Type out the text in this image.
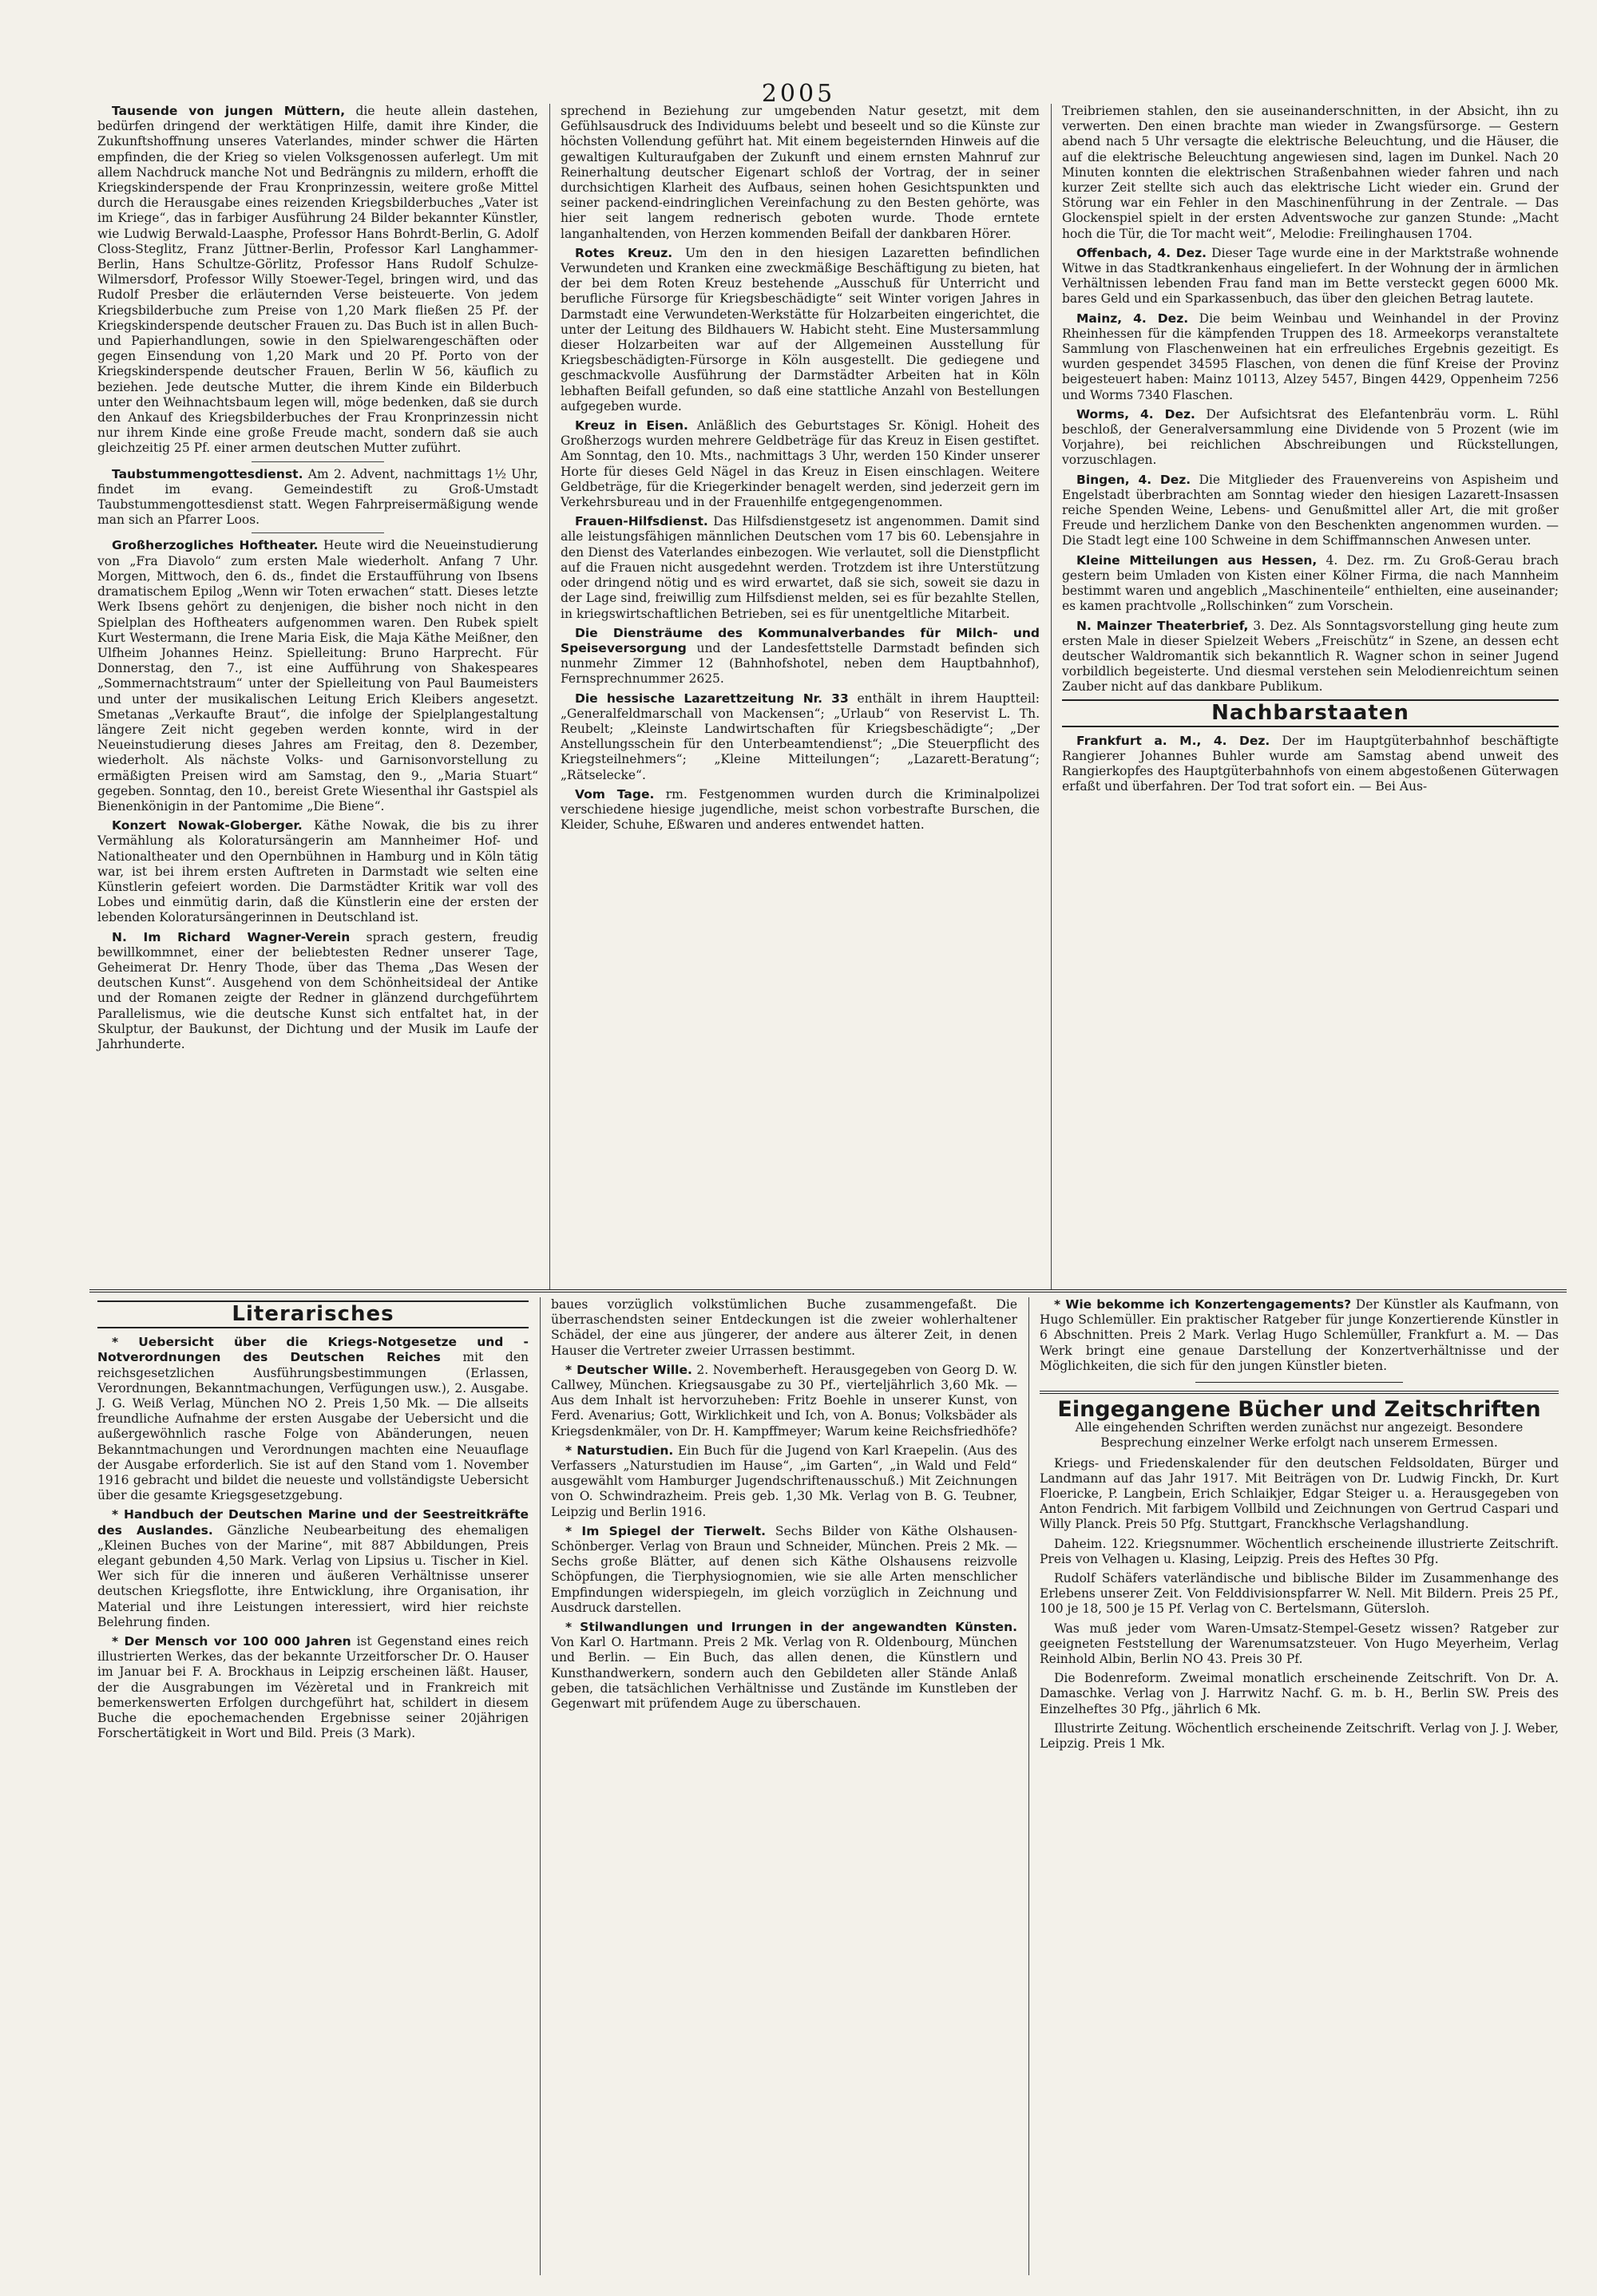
2005

Tausende von jungen Müttern, die heute allein dastehen, bedürfen dringend der werktätigen Hilfe, damit ihre Kinder, die Zukunftshoffnung unseres Vaterlandes, minder schwer die Härten empfinden, die der Krieg so vielen Volksgenossen auferlegt. Um mit allem Nachdruck manche Not und Bedrängnis zu mildern, erhofft die Kriegskinderspende der Frau Kronprinzessin, weitere große Mittel durch die Herausgabe eines reizenden Kriegsbilderbuches „Vater ist im Kriege“, das in farbiger Ausführung 24 Bilder bekannter Künstler, wie Ludwig Berwald-Laasphe, Professor Hans Bohrdt-Berlin, G. Adolf Closs-Steglitz, Franz Jüttner-Berlin, Professor Karl Langhammer-Berlin, Hans Schultze-Görlitz, Professor Hans Rudolf Schulze-Wilmersdorf, Professor Willy Stoewer-Tegel, bringen wird, und das Rudolf Presber die erläuternden Verse beisteuerte. Von jedem Kriegsbilderbuche zum Preise von 1,20 Mark fließen 25 Pf. der Kriegskinderspende deutscher Frauen zu. Das Buch ist in allen Buch- und Papierhandlungen, sowie in den Spielwarengeschäften oder gegen Einsendung von 1,20 Mark und 20 Pf. Porto von der Kriegskinderspende deutscher Frauen, Berlin W 56, käuflich zu beziehen. Jede deutsche Mutter, die ihrem Kinde ein Bilderbuch unter den Weihnachtsbaum legen will, möge bedenken, daß sie durch den Ankauf des Kriegsbilderbuches der Frau Kronprinzessin nicht nur ihrem Kinde eine große Freude macht, sondern daß sie auch gleichzeitig 25 Pf. einer armen deutschen Mutter zuführt.

Taubstummengottesdienst. Am 2. Advent, nachmittags 1½ Uhr, findet im evang. Gemeindestift zu Groß-Umstadt Taubstummengottesdienst statt. Wegen Fahrpreisermäßigung wende man sich an Pfarrer Loos.

Großherzogliches Hoftheater. Heute wird die Neueinstudierung von „Fra Diavolo“ zum ersten Male wiederholt. Anfang 7 Uhr. Morgen, Mittwoch, den 6. ds., findet die Erstaufführung von Ibsens dramatischem Epilog „Wenn wir Toten erwachen“ statt. Dieses letzte Werk Ibsens gehört zu denjenigen, die bisher noch nicht in den Spielplan des Hoftheaters aufgenommen waren. Den Rubek spielt Kurt Westermann, die Irene Maria Eisk, die Maja Käthe Meißner, den Ulfheim Johannes Heinz. Spielleitung: Bruno Harprecht. Für Donnerstag, den 7., ist eine Aufführung von Shakespeares „Sommernachtstraum“ unter der Spielleitung von Paul Baumeisters und unter der musikalischen Leitung Erich Kleibers angesetzt. Smetanas „Verkaufte Braut“, die infolge der Spielplangestaltung längere Zeit nicht gegeben werden konnte, wird in der Neueinstudierung dieses Jahres am Freitag, den 8. Dezember, wiederholt. Als nächste Volks- und Garnisonvorstellung zu ermäßigten Preisen wird am Samstag, den 9., „Maria Stuart“ gegeben. Sonntag, den 10., bereist Grete Wiesenthal ihr Gastspiel als Bienenkönigin in der Pantomime „Die Biene“.

Konzert Nowak-Globerger. Käthe Nowak, die bis zu ihrer Vermählung als Koloratursängerin am Mannheimer Hof- und Nationaltheater und den Opernbühnen in Hamburg und in Köln tätig war, ist bei ihrem ersten Auftreten in Darmstadt wie selten eine Künstlerin gefeiert worden. Die Darmstädter Kritik war voll des Lobes und einmütig darin, daß die Künstlerin eine der ersten der lebenden Koloratursängerinnen in Deutschland ist.

N. Im Richard Wagner-Verein sprach gestern, freudig bewillkommnet, einer der beliebtesten Redner unserer Tage, Geheimerat Dr. Henry Thode, über das Thema „Das Wesen der deutschen Kunst“. Ausgehend von dem Schönheitsideal der Antike und der Romanen zeigte der Redner in glänzend durchgeführtem Parallelismus, wie die deutsche Kunst sich entfaltet hat, in der Skulptur, der Baukunst, der Dichtung und der Musik im Laufe der Jahrhunderte.

sprechend in Beziehung zur umgebenden Natur gesetzt, mit dem Gefühlsausdruck des Individuums belebt und beseelt und so die Künste zur höchsten Vollendung geführt hat. Mit einem begeisternden Hinweis auf die gewaltigen Kulturaufgaben der Zukunft und einem ernsten Mahnruf zur Reinerhaltung deutscher Eigenart schloß der Vortrag, der in seiner durchsichtigen Klarheit des Aufbaus, seinen hohen Gesichtspunkten und seiner packend-eindringlichen Vereinfachung zu den Besten gehörte, was hier seit langem rednerisch geboten wurde. Thode erntete langanhaltenden, von Herzen kommenden Beifall der dankbaren Hörer.

Rotes Kreuz. Um den in den hiesigen Lazaretten befindlichen Verwundeten und Kranken eine zweckmäßige Beschäftigung zu bieten, hat der bei dem Roten Kreuz bestehende „Ausschuß für Unterricht und berufliche Fürsorge für Kriegsbeschädigte“ seit Winter vorigen Jahres in Darmstadt eine Verwundeten-Werkstätte für Holzarbeiten eingerichtet, die unter der Leitung des Bildhauers W. Habicht steht. Eine Mustersammlung dieser Holzarbeiten war auf der Allgemeinen Ausstellung für Kriegsbeschädigten-Fürsorge in Köln ausgestellt. Die gediegene und geschmackvolle Ausführung der Darmstädter Arbeiten hat in Köln lebhaften Beifall gefunden, so daß eine stattliche Anzahl von Bestellungen aufgegeben wurde.

Kreuz in Eisen. Anläßlich des Geburtstages Sr. Königl. Hoheit des Großherzogs wurden mehrere Geldbeträge für das Kreuz in Eisen gestiftet. Am Sonntag, den 10. Mts., nachmittags 3 Uhr, werden 150 Kinder unserer Horte für dieses Geld Nägel in das Kreuz in Eisen einschlagen. Weitere Geldbeträge, für die Kriegerkinder benagelt werden, sind jederzeit gern im Verkehrsbureau und in der Frauenhilfe entgegengenommen.

Frauen-Hilfsdienst. Das Hilfsdienstgesetz ist angenommen. Damit sind alle leistungsfähigen männlichen Deutschen vom 17 bis 60. Lebensjahre in den Dienst des Vaterlandes einbezogen. Wie verlautet, soll die Dienstpflicht auf die Frauen nicht ausgedehnt werden. Trotzdem ist ihre Unterstützung oder dringend nötig und es wird erwartet, daß sie sich, soweit sie dazu in der Lage sind, freiwillig zum Hilfsdienst melden, sei es für bezahlte Stellen, in kriegswirtschaftlichen Betrieben, sei es für unentgeltliche Mitarbeit.

Die Diensträume des Kommunalverbandes für Milch- und Speiseversorgung und der Landesfettstelle Darmstadt befinden sich nunmehr Zimmer 12 (Bahnhofshotel, neben dem Hauptbahnhof), Fernsprechnummer 2625.

Die hessische Lazarettzeitung Nr. 33 enthält in ihrem Hauptteil: „Generalfeldmarschall von Mackensen“; „Urlaub“ von Reservist L. Th. Reubelt; „Kleinste Landwirtschaften für Kriegsbeschädigte“; „Der Anstellungsschein für den Unterbeamtendienst“; „Die Steuerpflicht des Kriegsteilnehmers“; „Kleine Mitteilungen“; „Lazarett-Beratung“; „Rätselecke“.

Vom Tage. rm. Festgenommen wurden durch die Kriminalpolizei verschiedene hiesige jugendliche, meist schon vorbestrafte Burschen, die Kleider, Schuhe, Eßwaren und anderes entwendet hatten.

Treibriemen stahlen, den sie auseinanderschnitten, in der Absicht, ihn zu verwerten. Den einen brachte man wieder in Zwangsfürsorge. — Gestern abend nach 5 Uhr versagte die elektrische Beleuchtung, und die Häuser, die auf die elektrische Beleuchtung angewiesen sind, lagen im Dunkel. Nach 20 Minuten konnten die elektrischen Straßenbahnen wieder fahren und nach kurzer Zeit stellte sich auch das elektrische Licht wieder ein. Grund der Störung war ein Fehler in den Maschinenführung in der Zentrale. — Das Glockenspiel spielt in der ersten Adventswoche zur ganzen Stunde: „Macht hoch die Tür, die Tor macht weit“, Melodie: Freilinghausen 1704.

Offenbach, 4. Dez. Dieser Tage wurde eine in der Marktstraße wohnende Witwe in das Stadtkrankenhaus eingeliefert. In der Wohnung der in ärmlichen Verhältnissen lebenden Frau fand man im Bette versteckt gegen 6000 Mk. bares Geld und ein Sparkassenbuch, das über den gleichen Betrag lautete.

Mainz, 4. Dez. Die beim Weinbau und Weinhandel in der Provinz Rheinhessen für die kämpfenden Truppen des 18. Armeekorps veranstaltete Sammlung von Flaschenweinen hat ein erfreuliches Ergebnis gezeitigt. Es wurden gespendet 34595 Flaschen, von denen die fünf Kreise der Provinz beigesteuert haben: Mainz 10113, Alzey 5457, Bingen 4429, Oppenheim 7256 und Worms 7340 Flaschen.

Worms, 4. Dez. Der Aufsichtsrat des Elefantenbräu vorm. L. Rühl beschloß, der Generalversammlung eine Dividende von 5 Prozent (wie im Vorjahre), bei reichlichen Abschreibungen und Rückstellungen, vorzuschlagen.

Bingen, 4. Dez. Die Mitglieder des Frauenvereins von Aspisheim und Engelstadt überbrachten am Sonntag wieder den hiesigen Lazarett-Insassen reiche Spenden Weine, Lebens- und Genußmittel aller Art, die mit großer Freude und herzlichem Danke von den Beschenkten angenommen wurden. — Die Stadt legt eine 100 Schweine in dem Schiffmannschen Anwesen unter.

Kleine Mitteilungen aus Hessen, 4. Dez. rm. Zu Groß-Gerau brach gestern beim Umladen von Kisten einer Kölner Firma, die nach Mannheim bestimmt waren und angeblich „Maschinenteile“ enthielten, eine auseinander; es kamen prachtvolle „Rollschinken“ zum Vorschein.

N. Mainzer Theaterbrief, 3. Dez. Als Sonntagsvorstellung ging heute zum ersten Male in dieser Spielzeit Webers „Freischütz“ in Szene, an dessen echt deutscher Waldromantik sich bekanntlich R. Wagner schon in seiner Jugend vorbildlich begeisterte. Und diesmal verstehen sein Melodienreichtum seinen Zauber nicht auf das dankbare Publikum.

Nachbarstaaten

Frankfurt a. M., 4. Dez. Der im Hauptgüterbahnhof beschäftigte Rangierer Johannes Buhler wurde am Samstag abend unweit des Rangierkopfes des Hauptgüterbahnhofs von einem abgestoßenen Güterwagen erfaßt und überfahren. Der Tod trat sofort ein. — Bei Aus-

Literarisches

* Uebersicht über die Kriegs-Notgesetze und -Notverordnungen des Deutschen Reiches mit den reichsgesetzlichen Ausführungsbestimmungen (Erlassen, Verordnungen, Bekanntmachungen, Verfügungen usw.), 2. Ausgabe. J. G. Weiß Verlag, München NO 2. Preis 1,50 Mk. — Die allseits freundliche Aufnahme der ersten Ausgabe der Uebersicht und die außergewöhnlich rasche Folge von Abänderungen, neuen Bekanntmachungen und Verordnungen machten eine Neuauflage der Ausgabe erforderlich. Sie ist auf den Stand vom 1. November 1916 gebracht und bildet die neueste und vollständigste Uebersicht über die gesamte Kriegsgesetzgebung.

* Handbuch der Deutschen Marine und der Seestreitkräfte des Auslandes. Gänzliche Neubearbeitung des ehemaligen „Kleinen Buches von der Marine“, mit 887 Abbildungen, Preis elegant gebunden 4,50 Mark. Verlag von Lipsius u. Tischer in Kiel. Wer sich für die inneren und äußeren Verhältnisse unserer deutschen Kriegsflotte, ihre Entwicklung, ihre Organisation, ihr Material und ihre Leistungen interessiert, wird hier reichste Belehrung finden.

* Der Mensch vor 100 000 Jahren ist Gegenstand eines reich illustrierten Werkes, das der bekannte Urzeitforscher Dr. O. Hauser im Januar bei F. A. Brockhaus in Leipzig erscheinen läßt. Hauser, der die Ausgrabungen im Vézèretal und in Frankreich mit bemerkenswerten Erfolgen durchgeführt hat, schildert in diesem Buche die epochemachenden Ergebnisse seiner 20jährigen Forschertätigkeit in Wort und Bild. Preis (3 Mark).

baues vorzüglich volkstümlichen Buche zusammengefaßt. Die überraschendsten seiner Entdeckungen ist die zweier wohlerhaltener Schädel, der eine aus jüngerer, der andere aus älterer Zeit, in denen Hauser die Vertreter zweier Urrassen bestimmt.

* Deutscher Wille. 2. Novemberheft. Herausgegeben von Georg D. W. Callwey, München. Kriegsausgabe zu 30 Pf., vierteljährlich 3,60 Mk. — Aus dem Inhalt ist hervorzuheben: Fritz Boehle in unserer Kunst, von Ferd. Avenarius; Gott, Wirklichkeit und Ich, von A. Bonus; Volksbäder als Kriegsdenkmäler, von Dr. H. Kampffmeyer; Warum keine Reichsfriedhöfe?

* Naturstudien. Ein Buch für die Jugend von Karl Kraepelin. (Aus des Verfassers „Naturstudien im Hause“, „im Garten“, „in Wald und Feld“ ausgewählt vom Hamburger Jugendschriftenausschuß.) Mit Zeichnungen von O. Schwindrazheim. Preis geb. 1,30 Mk. Verlag von B. G. Teubner, Leipzig und Berlin 1916.

* Im Spiegel der Tierwelt. Sechs Bilder von Käthe Olshausen-Schönberger. Verlag von Braun und Schneider, München. Preis 2 Mk. — Sechs große Blätter, auf denen sich Käthe Olshausens reizvolle Schöpfungen, die Tierphysiognomien, wie sie alle Arten menschlicher Empfindungen widerspiegeln, im gleich vorzüglich in Zeichnung und Ausdruck darstellen.

* Stilwandlungen und Irrungen in der angewandten Künsten. Von Karl O. Hartmann. Preis 2 Mk. Verlag von R. Oldenbourg, München und Berlin. — Ein Buch, das allen denen, die Künstlern und Kunsthandwerkern, sondern auch den Gebildeten aller Stände Anlaß geben, die tatsächlichen Verhältnisse und Zustände im Kunstleben der Gegenwart mit prüfendem Auge zu überschauen.

* Wie bekomme ich Konzertengagements? Der Künstler als Kaufmann, von Hugo Schlemüller. Ein praktischer Ratgeber für junge Konzertierende Künstler in 6 Abschnitten. Preis 2 Mark. Verlag Hugo Schlemüller, Frankfurt a. M. — Das Werk bringt eine genaue Darstellung der Konzertverhältnisse und der Möglichkeiten, die sich für den jungen Künstler bieten.

Eingegangene Bücher und Zeitschriften
Alle eingehenden Schriften werden zunächst nur angezeigt. Besondere Besprechung einzelner Werke erfolgt nach unserem Ermessen.

Kriegs- und Friedenskalender für den deutschen Feldsoldaten, Bürger und Landmann auf das Jahr 1917. Mit Beiträgen von Dr. Ludwig Finckh, Dr. Kurt Floericke, P. Langbein, Erich Schlaikjer, Edgar Steiger u. a. Herausgegeben von Anton Fendrich. Mit farbigem Vollbild und Zeichnungen von Gertrud Caspari und Willy Planck. Preis 50 Pfg. Stuttgart, Franckhsche Verlagshandlung.

Daheim. 122. Kriegsnummer. Wöchentlich erscheinende illustrierte Zeitschrift. Preis von Velhagen u. Klasing, Leipzig. Preis des Heftes 30 Pfg.

Rudolf Schäfers vaterländische und biblische Bilder im Zusammenhange des Erlebens unserer Zeit. Von Felddivisionspfarrer W. Nell. Mit Bildern. Preis 25 Pf., 100 je 18, 500 je 15 Pf. Verlag von C. Bertelsmann, Gütersloh.

Was muß jeder vom Waren-Umsatz-Stempel-Gesetz wissen? Ratgeber zur geeigneten Feststellung der Warenumsatzsteuer. Von Hugo Meyerheim, Verlag Reinhold Albin, Berlin NO 43. Preis 30 Pf.

Die Bodenreform. Zweimal monatlich erscheinende Zeitschrift. Von Dr. A. Damaschke. Verlag von J. Harrwitz Nachf. G. m. b. H., Berlin SW. Preis des Einzelheftes 30 Pfg., jährlich 6 Mk.

Illustrirte Zeitung. Wöchentlich erscheinende Zeitschrift. Verlag von J. J. Weber, Leipzig. Preis 1 Mk.
